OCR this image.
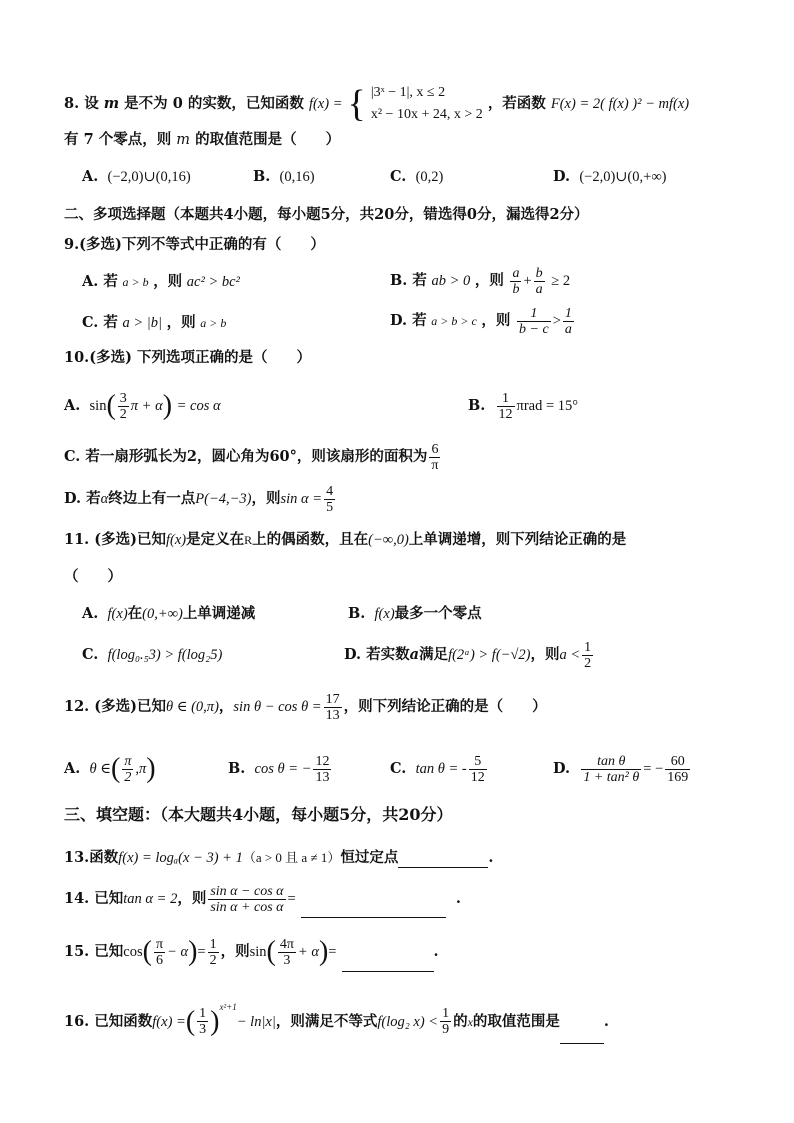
8. 设 m 是不为 0 的实数，已知函数 f(x) = { |3ˣ − 1|, x ≤ 2
x² − 10x + 24, x > 2
，若函数 F(x) = 2( f(x) )² − mf(x)
有 7 个零点，则 m 的取值范围是（　　）
A. (−2,0)∪(0,16)	B. (0,16)	C. (0,2)	D. (−2,0)∪(0,+∞)
二、多项选择题（本题共4小题，每小题5分，共20分，错选得0分，漏选得2分）
9.(多选)下列不等式中正确的有（　　）
A. 若 a > b ，则 ac² > bc²	B. 若 ab > 0 ，则 $\frac{a}{b} + \frac{b}{a} \ge 2$
C. 若 a > |b| ，则 a > b	D. 若 a > b > c ，则 $\frac{1}{b - c} > \frac{1}{a}$
10.(多选) 下列选项正确的是（　　）
A. $\sin( \frac{3}{2}$ π + α) = cos α	B. $\frac{1}{12}$ πrad = 15°
C. 若一扇形弧长为2，圆心角为60°，则该扇形的面积为 $\frac{6}{\pi}$
D. 若α终边上有一点P(−4,−3)，则$\sin \alpha = \frac{4}{5}$
11. (多选)已知f(x)是定义在R上的偶函数，且在(−∞,0)上单调递增，则下列结论正确的是
（　　）
A. f(x)在(0,+∞)上单调递减	B. f(x)最多一个零点
C. f(log₀.₅3) > f(log₂5)	D. 若实数a满足f(2ᵃ) > f(−√2)，则$a < \frac{1}{2}$
12. (多选)已知θ ∈ (0,π)，$\sin \theta - \cos \theta = \frac{17}{13}$ ，则下列结论正确的是（　　）
A. θ ∈( $\frac{\pi}{2} ,\pi$)	B. cos θ = − $\frac{12}{13}$	C. tan θ = - $\frac{5}{12}$	D. $\frac{\text{tan θ}}{\text{1 + tan² θ}}$ = − $\frac{60}{169}$
三、填空题：（本大题共4小题，每小题5分，共20分）
13.函数f(x) = logₐ(x − 3) + 1（a > 0 且 a ≠ 1）恒过定点	.
14. 已知tan α = 2，则 $\frac{\text{sin α − cos α}}{\text{sin α + cos α}}$ =	.
15. 已知$\cos( \frac{\pi}{6} - \alpha)= \frac{1}{2}$ ，则$\sin( \frac{4\pi}{3} + \alpha)=$	.
16. 已知函数f(x) =( $\frac{1}{3} )^{x^2+1}- \ln|x|$，则满足不等式f(log₂ $x) < \frac{1}{9}$ 的x的取值范围是	.
